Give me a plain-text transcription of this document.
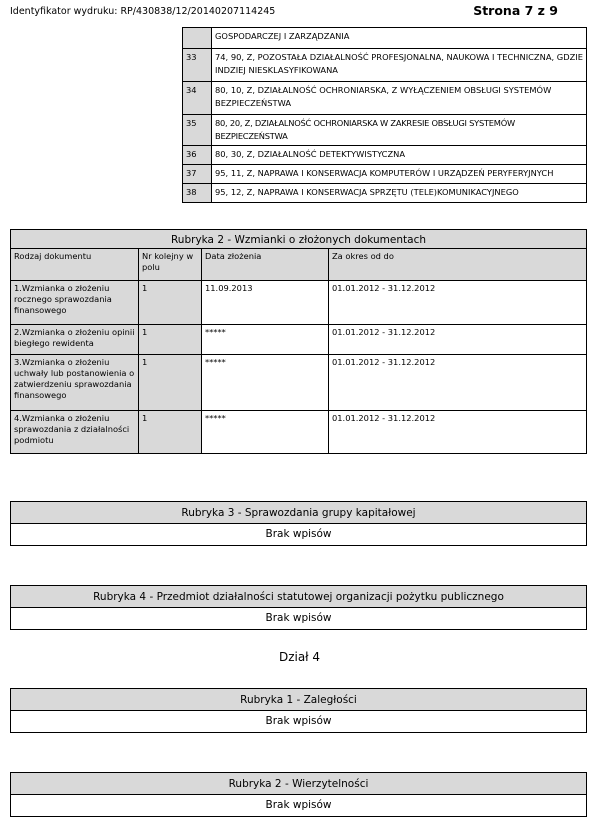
Identyfikator wydruku: RP/430838/12/20140207114245	Strona 7 z 9
	GOSPODARCZEJ I ZARZĄDZANIA
33	74, 90, Z, POZOSTAŁA DZIAŁALNOŚĆ PROFESJONALNA, NAUKOWA I TECHNICZNA, GDZIE INDZIEJ NIESKLASYFIKOWANA
34	80, 10, Z, DZIAŁALNOŚĆ OCHRONIARSKA, Z WYŁĄCZENIEM OBSŁUGI SYSTEMÓW BEZPIECZEŃSTWA
35	80, 20, Z, DZIAŁALNOŚĆ OCHRONIARSKA W ZAKRESIE OBSŁUGI SYSTEMÓW BEZPIECZEŃSTWA
36	80, 30, Z, DZIAŁALNOŚĆ DETEKTYWISTYCZNA
37	95, 11, Z, NAPRAWA I KONSERWACJA KOMPUTERÓW I URZĄDZEŃ PERYFERYJNYCH
38	95, 12, Z, NAPRAWA I KONSERWACJA SPRZĘTU (TELE)KOMUNIKACYJNEGO
Rubryka 2 - Wzmianki o złożonych dokumentach			
Rodzaj dokumentu	Nr kolejny w polu	Data złożenia	Za okres od do
1.Wzmianka o złożeniu rocznego sprawozdania finansowego	1	11.09.2013	01.01.2012 - 31.12.2012
2.Wzmianka o złożeniu opinii biegłego rewidenta	1	*****	01.01.2012 - 31.12.2012
3.Wzmianka o złożeniu uchwały lub postanowienia o zatwierdzeniu sprawozdania finansowego	1	*****	01.01.2012 - 31.12.2012
4.Wzmianka o złożeniu sprawozdania z działalności podmiotu	1	*****	01.01.2012 - 31.12.2012
Rubryka 3 - Sprawozdania grupy kapitałowej
Brak wpisów
Rubryka 4 - Przedmiot działalności statutowej organizacji pożytku publicznego
Brak wpisów
Dział 4
Rubryka 1 - Zaległości
Brak wpisów
Rubryka 2 - Wierzytelności
Brak wpisów
